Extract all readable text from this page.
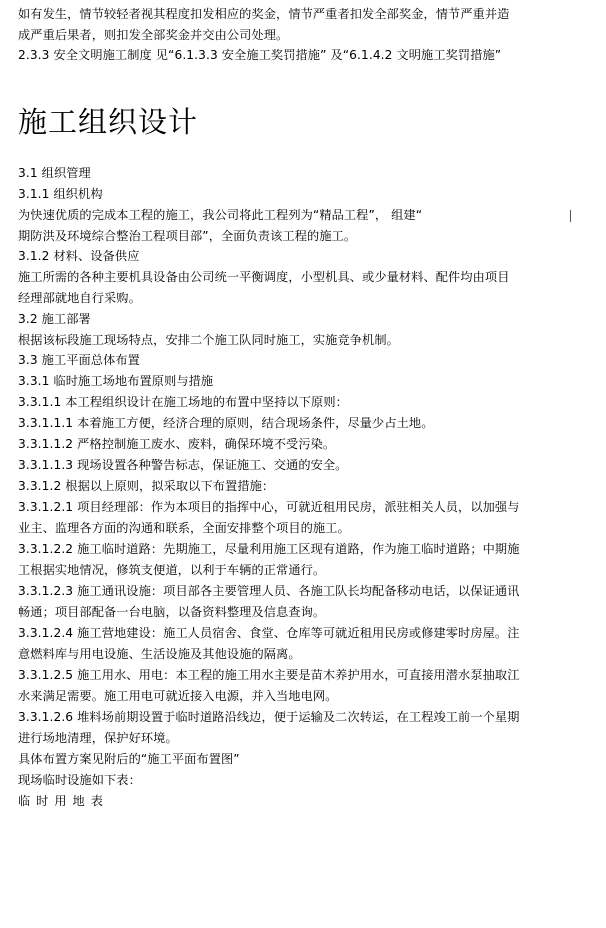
如有发生，情节较轻者视其程度扣发相应的奖金，情节严重者扣发全部奖金，情节严重并造
成严重后果者，则扣发全部奖金并交由公司处理。
2.3.3 安全文明施工制度 见“6.1.3.3 安全施工奖罚措施” 及“6.1.4.2 文明施工奖罚措施”
施工组织设计
3.1 组织管理
3.1.1 组织机构
为快速优质的完成本工程的施工，我公司将此工程列为“精品工程”， 组建“
期防洪及环境综合整治工程项目部”，全面负责该工程的施工。
3.1.2 材料、设备供应
施工所需的各种主要机具设备由公司统一平衡调度，小型机具、或少量材料、配件均由项目
经理部就地自行采购。
3.2 施工部署
根据该标段施工现场特点，安排二个施工队同时施工，实施竞争机制。
3.3 施工平面总体布置
3.3.1 临时施工场地布置原则与措施
3.3.1.1 本工程组织设计在施工场地的布置中坚持以下原则：
3.3.1.1.1 本着施工方便，经济合理的原则，结合现场条件，尽量少占土地。
3.3.1.1.2 严格控制施工废水、废料，确保环境不受污染。
3.3.1.1.3 现场设置各种警告标志，保证施工、交通的安全。
3.3.1.2 根据以上原则，拟采取以下布置措施：
3.3.1.2.1 项目经理部：作为本项目的指挥中心，可就近租用民房，派驻相关人员，以加强与
业主、监理各方面的沟通和联系，全面安排整个项目的施工。
3.3.1.2.2 施工临时道路：先期施工，尽量利用施工区现有道路，作为施工临时道路；中期施
工根据实地情况，修筑支便道，以利于车辆的正常通行。
3.3.1.2.3 施工通讯设施：项目部各主要管理人员、各施工队长均配备移动电话，以保证通讯
畅通；项目部配备一台电脑，以备资料整理及信息查询。
3.3.1.2.4 施工营地建设：施工人员宿舍、食堂、仓库等可就近租用民房或修建零时房屋。注
意燃料库与用电设施、生活设施及其他设施的隔离。
3.3.1.2.5 施工用水、用电：本工程的施工用水主要是苗木养护用水，可直接用潜水泵抽取江
水来满足需要。施工用电可就近接入电源，并入当地电网。
3.3.1.2.6 堆料场前期设置于临时道路沿线边，便于运输及二次转运，在工程竣工前一个星期
进行场地清理，保护好环境。
具体布置方案见附后的“施工平面布置图”
现场临时设施如下表：
临时用地表
